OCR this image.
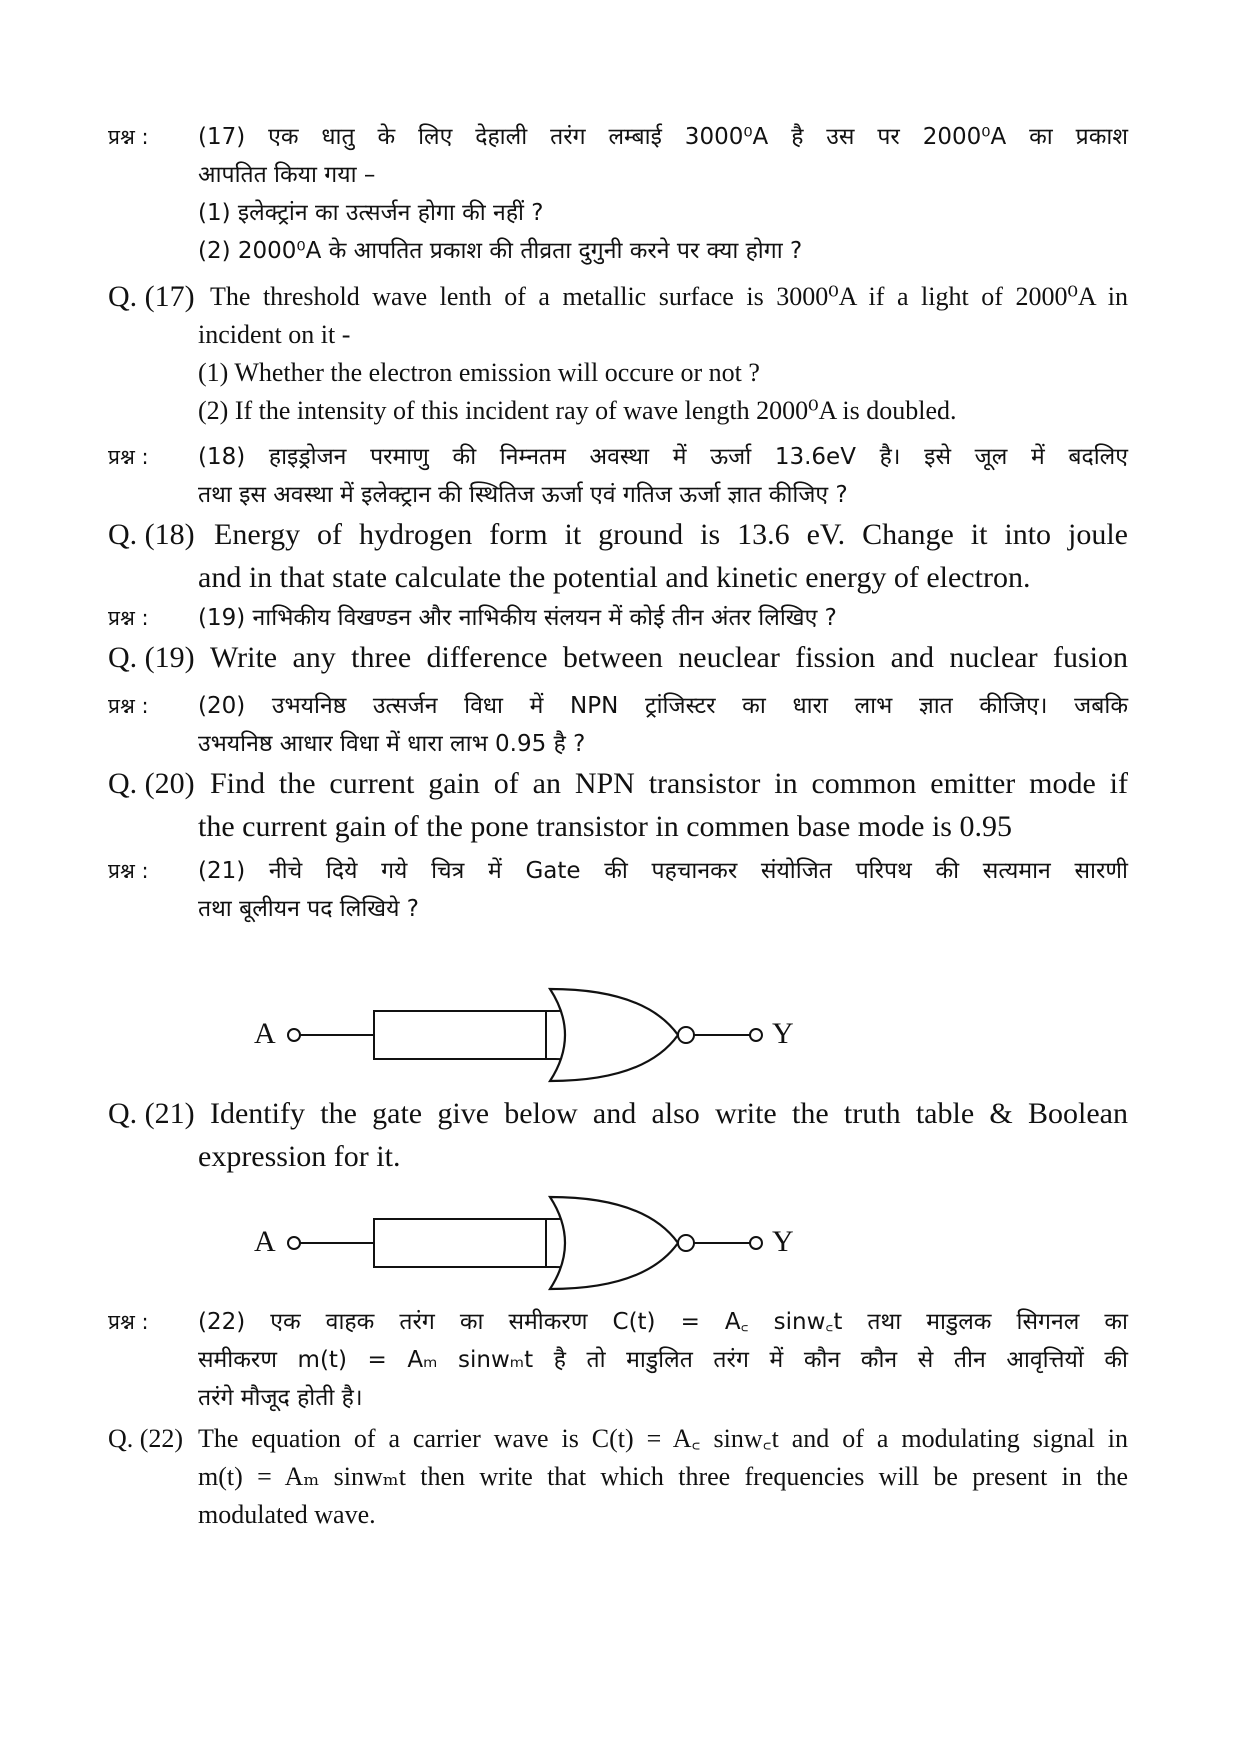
प्रश्न : (17) एक धातु के लिए देहाली तरंग लम्बाई 3000⁰A है उस पर 2000⁰A का प्रकाश
आपतित किया गया –
(1) इलेक्ट्रांन का उत्सर्जन होगा की नहीं ?
(2) 2000⁰A के आपतित प्रकाश की तीव्रता दुगुनी करने पर क्या होगा ?
Q. (17) The threshold wave lenth of a metallic surface is 3000⁰A if a light of 2000⁰A in
incident on it -
(1) Whether the electron emission will occure or not ?
(2) If the intensity of this incident ray of wave length 2000⁰A is doubled.
प्रश्न : (18) हाइड्रोजन परमाणु की निम्नतम अवस्था में ऊर्जा 13.6eV है। इसे जूल में बदलिए
तथा इस अवस्था में इलेक्ट्रान की स्थितिज ऊर्जा एवं गतिज ऊर्जा ज्ञात कीजिए ?
Q. (18) Energy of hydrogen form it ground is 13.6 eV. Change it into joule
and in that state calculate the potential and kinetic energy of electron.
प्रश्न : (19) नाभिकीय विखण्डन और नाभिकीय संलयन में कोई तीन अंतर लिखिए ?
Q. (19) Write any three difference between neuclear fission and nuclear fusion
प्रश्न : (20) उभयनिष्ठ उत्सर्जन विधा में NPN ट्रांजिस्टर का धारा लाभ ज्ञात कीजिए। जबकि
उभयनिष्ठ आधार विधा में धारा लाभ 0.95 है ?
Q. (20) Find the current gain of an NPN transistor in common emitter mode if
the current gain of the pone transistor in commen base mode is 0.95
प्रश्न : (21) नीचे दिये गये चित्र में Gate की पहचानकर संयोजित परिपथ की सत्यमान सारणी
तथा बूलीयन पद लिखिये ?
A	Y
Q. (21) Identify the gate give below and also write the truth table & Boolean
expression for it.
A	Y
प्रश्न : (22) एक वाहक तरंग का समीकरण C(t) = A꜀ sinw꜀t तथा माडुलक सिगनल का
समीकरण m(t) = Aₘ sinwₘt है तो माडुलित तरंग में कौन कौन से तीन आवृत्तियों की
तरंगे मौजूद होती है।
Q. (22) The equation of a carrier wave is C(t) = A꜀ sinw꜀t and of a modulating signal in
m(t) = Aₘ sinwₘt then write that which three frequencies will be present in the
modulated wave.
